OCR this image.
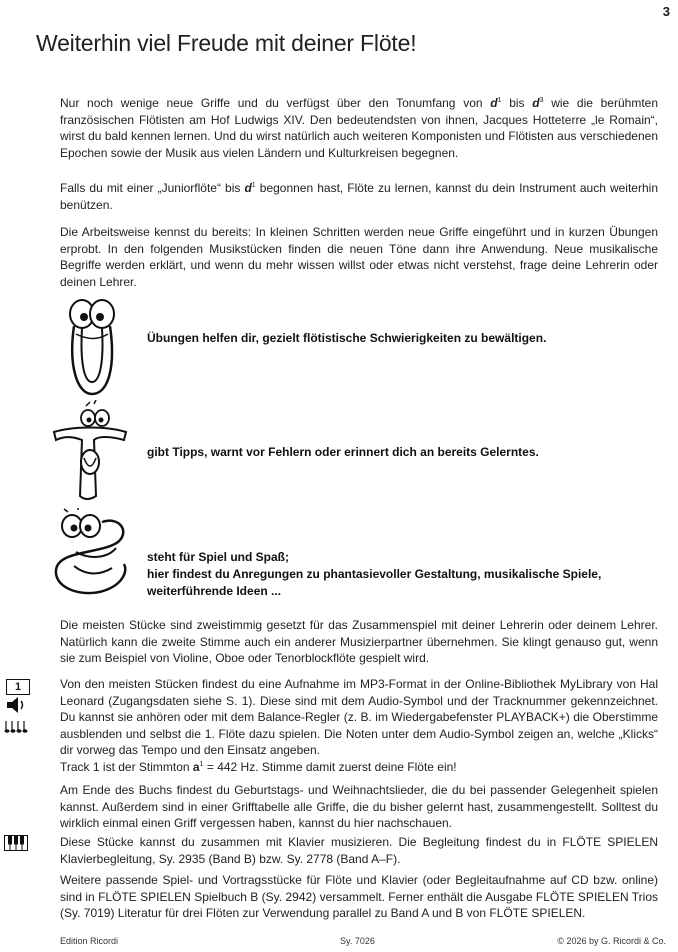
3
Weiterhin viel Freude mit deiner Flöte!

Nur noch wenige neue Griffe und du verfügst über den Tonumfang von $d^1$ bis $d^3$ wie die berühmten französischen Flötisten am Hof Ludwigs XIV. Den bedeutendsten von ihnen, Jacques Hotteterre „le Romain“, wirst du bald kennen lernen. Und du wirst natürlich auch weiteren Komponisten und Flötisten aus verschiedenen Epochen sowie der Musik aus vielen Ländern und Kulturkreisen begegnen.

Falls du mit einer „Juniorflöte“ bis $d^1$ begonnen hast, Flöte zu lernen, kannst du dein Instrument auch weiterhin benützen.

Die Arbeitsweise kennst du bereits: In kleinen Schritten werden neue Griffe eingeführt und in kurzen Übungen erprobt. In den folgenden Musikstücken finden die neuen Töne dann ihre Anwendung. Neue musikalische Begriffe werden erklärt, und wenn du mehr wissen willst oder etwas nicht verstehst, frage deine Lehrerin oder deinen Lehrer.

Übungen helfen dir, gezielt flötistische Schwierigkeiten zu bewältigen.

gibt Tipps, warnt vor Fehlern oder erinnert dich an bereits Gelerntes.

steht für Spiel und Spaß;

hier findest du Anregungen zu phantasievoller Gestaltung, musikalische Spiele,

weiterführende Ideen ...

Die meisten Stücke sind zweistimmig gesetzt für das Zusammenspiel mit deiner Lehrerin oder deinem Lehrer. Natürlich kann die zweite Stimme auch ein anderer Musizierpartner übernehmen. Sie klingt genauso gut, wenn sie zum Beispiel von Violine, Oboe oder Tenorblockflöte gespielt wird.

1
	Von den meisten Stücken findest du eine Aufnahme im MP3-Format in der Online-Bibliothek MyLibrary von Hal Leonard (Zugangsdaten siehe S. 1). Diese sind mit dem Audio-Symbol und der Tracknummer gekennzeichnet. Du kannst sie anhören oder mit dem Balance-Regler (z. B. im Wiedergabefenster PLAYBACK+) die Oberstimme ausblenden und selbst die 1. Flöte dazu spielen. Die Noten unter dem Audio-Symbol zeigen an, welche „Klicks“ dir vorweg das Tempo und den Einsatz angeben.
Track 1 ist der Stimmton $a^1 = 442$ Hz. Stimme damit zuerst deine Flöte ein!

Am Ende des Buchs findest du Geburtstags- und Weihnachtslieder, die du bei passender Gelegenheit spielen kannst. Außerdem sind in einer Grifftabelle alle Griffe, die du bisher gelernt hast, zusammengestellt. Solltest du wirklich einmal einen Griff vergessen haben, kannst du hier nachschauen.

Diese Stücke kannst du zusammen mit Klavier musizieren. Die Begleitung findest du in FLÖTE SPIELEN Klavierbegleitung, Sy. 2935 (Band B) bzw. Sy. 2778 (Band A–F).

Weitere passende Spiel- und Vortragsstücke für Flöte und Klavier (oder Begleitaufnahme auf CD bzw. online) sind in FLÖTE SPIELEN Spielbuch B (Sy. 2942) versammelt. Ferner enthält die Ausgabe FLÖTE SPIELEN Trios (Sy. 7019) Literatur für drei Flöten zur Verwendung parallel zu Band A und B von FLÖTE SPIELEN.

Edition Ricordi	Sy. 7026	© 2026 by G. Ricordi & Co.
